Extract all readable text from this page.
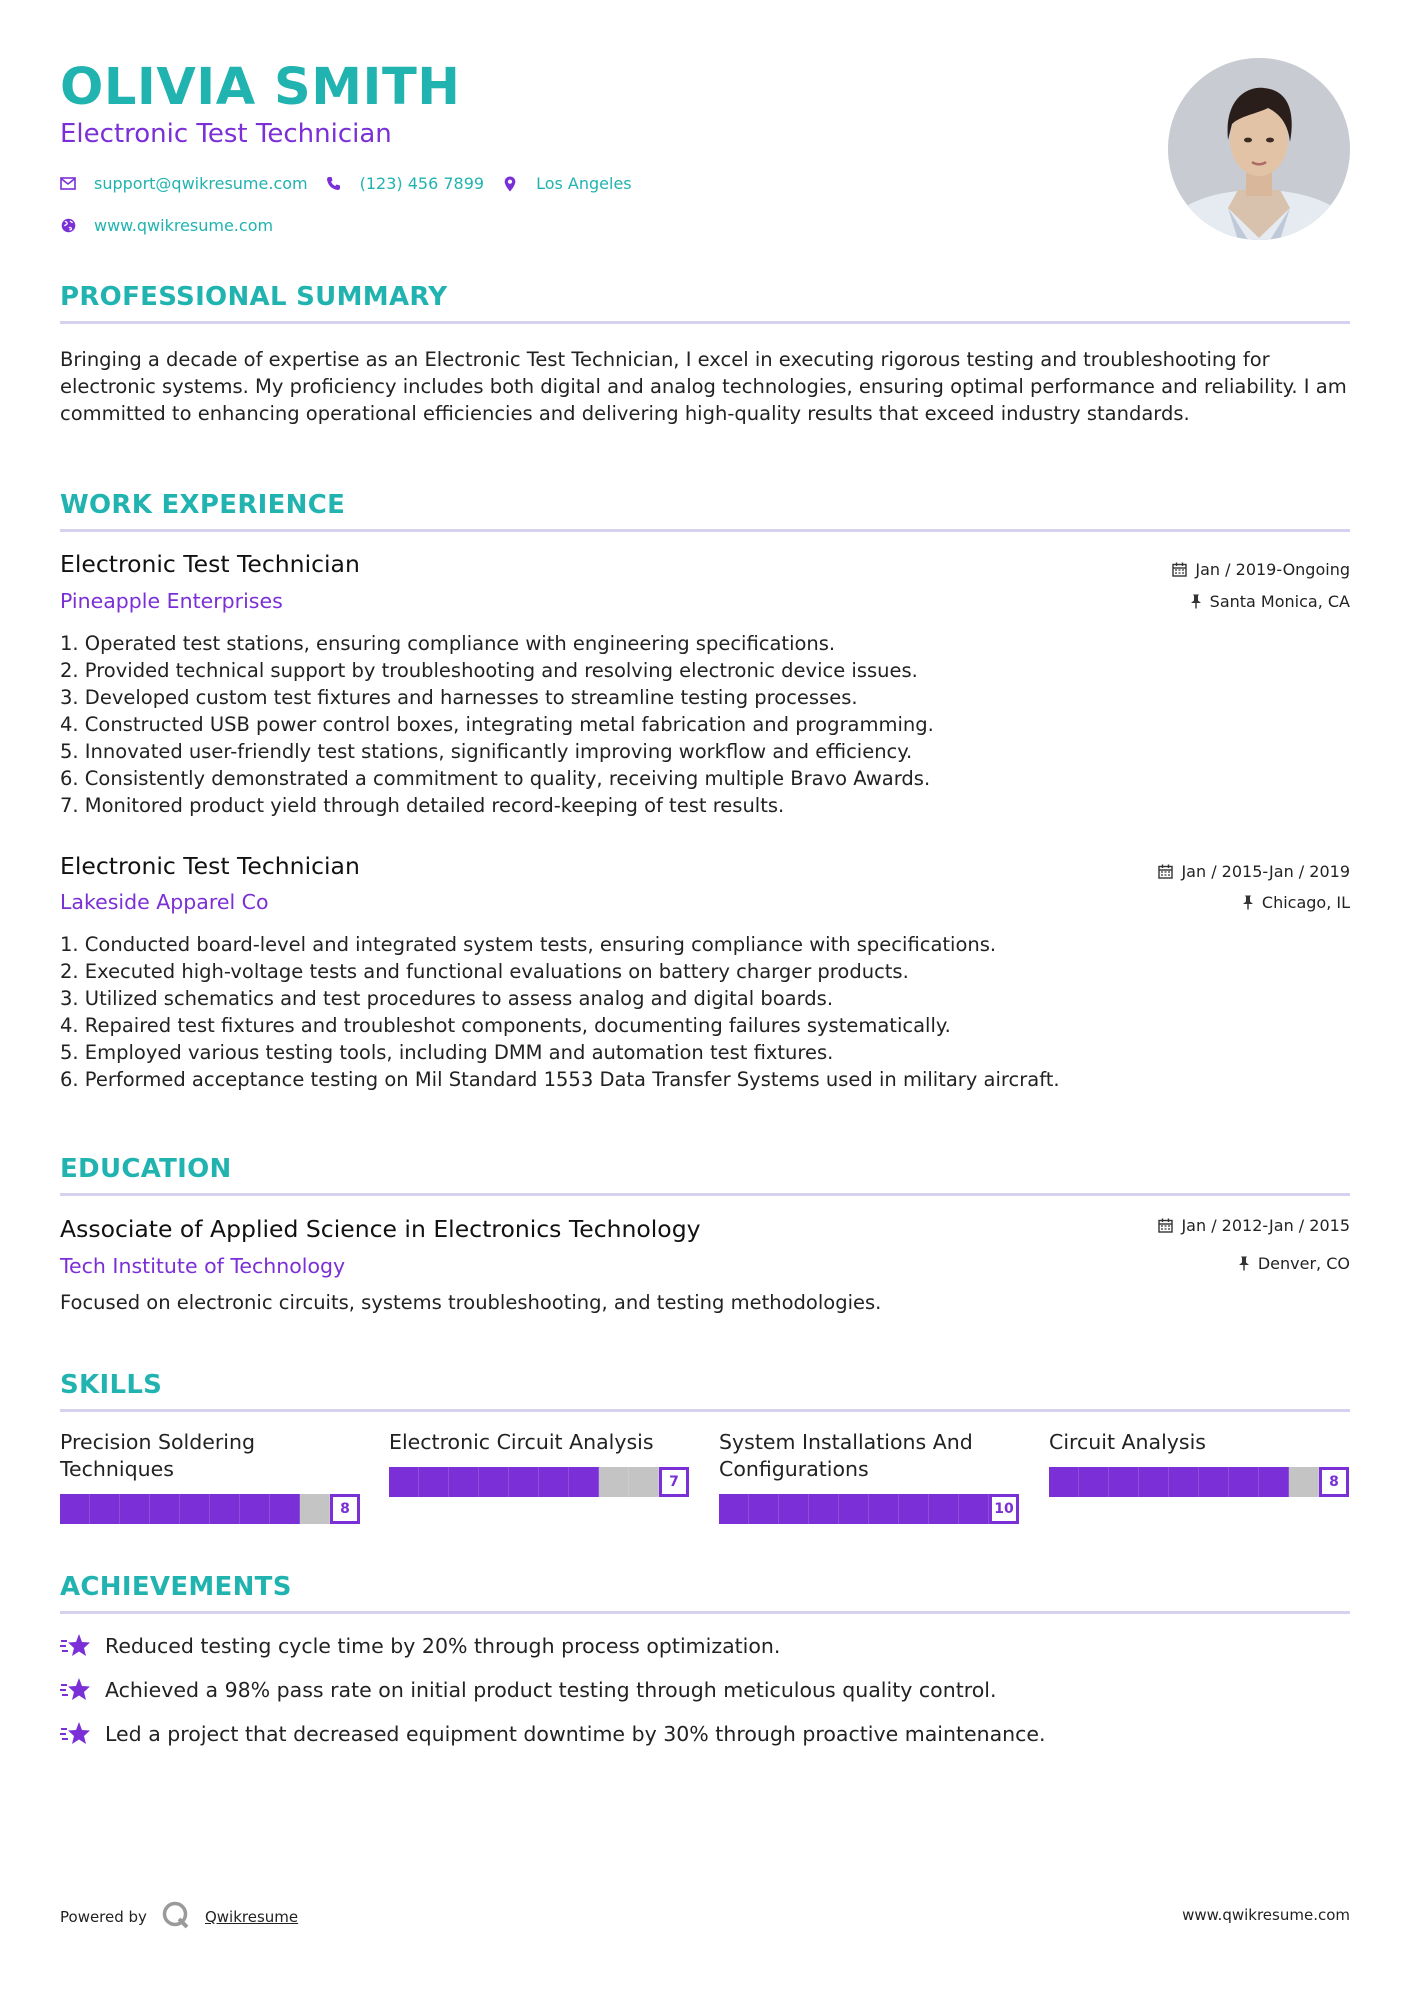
OLIVIA SMITH
Electronic Test Technician
support@qwikresume.com	(123) 456 7899	Los Angeles
www.qwikresume.com
PROFESSIONAL SUMMARY
Bringing a decade of expertise as an Electronic Test Technician, I excel in executing rigorous testing and troubleshooting for electronic systems. My proficiency includes both digital and analog technologies, ensuring optimal performance and reliability. I am committed to enhancing operational efficiencies and delivering high-quality results that exceed industry standards.
WORK EXPERIENCE
Electronic Test Technician
Pineapple Enterprises
Jan / 2019-Ongoing
Santa Monica, CA
1. Operated test stations, ensuring compliance with engineering specifications.
2. Provided technical support by troubleshooting and resolving electronic device issues.
3. Developed custom test fixtures and harnesses to streamline testing processes.
4. Constructed USB power control boxes, integrating metal fabrication and programming.
5. Innovated user-friendly test stations, significantly improving workflow and efficiency.
6. Consistently demonstrated a commitment to quality, receiving multiple Bravo Awards.
7. Monitored product yield through detailed record-keeping of test results.
Electronic Test Technician
Lakeside Apparel Co
Jan / 2015-Jan / 2019
Chicago, IL
1. Conducted board-level and integrated system tests, ensuring compliance with specifications.
2. Executed high-voltage tests and functional evaluations on battery charger products.
3. Utilized schematics and test procedures to assess analog and digital boards.
4. Repaired test fixtures and troubleshot components, documenting failures systematically.
5. Employed various testing tools, including DMM and automation test fixtures.
6. Performed acceptance testing on Mil Standard 1553 Data Transfer Systems used in military aircraft.
EDUCATION
Associate of Applied Science in Electronics Technology
Tech Institute of Technology
Jan / 2012-Jan / 2015
Denver, CO
Focused on electronic circuits, systems troubleshooting, and testing methodologies.
SKILLS
Precision Soldering Techniques
8
Electronic Circuit Analysis
7
System Installations And Configurations
10
Circuit Analysis
8
ACHIEVEMENTS
Reduced testing cycle time by 20% through process optimization.
Achieved a 98% pass rate on initial product testing through meticulous quality control.
Led a project that decreased equipment downtime by 30% through proactive maintenance.
Powered by	Qwikresume	www.qwikresume.com
